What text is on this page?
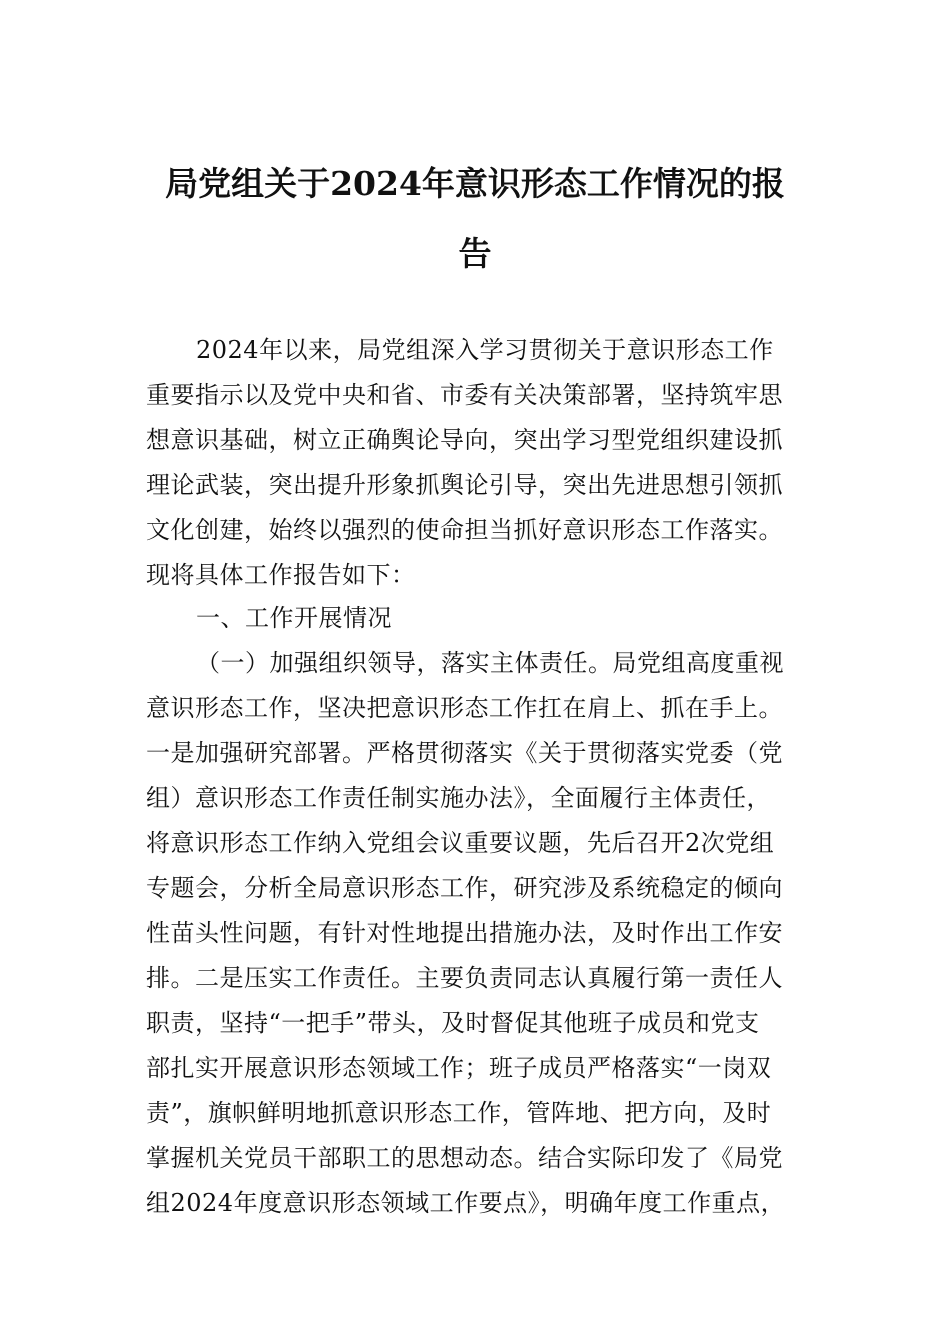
局党组关于2024年意识形态工作情况的报
告
2024年以来，局党组深入学习贯彻关于意识形态工作
重要指示以及党中央和省、市委有关决策部署，坚持筑牢思
想意识基础，树立正确舆论导向，突出学习型党组织建设抓
理论武装，突出提升形象抓舆论引导，突出先进思想引领抓
文化创建，始终以强烈的使命担当抓好意识形态工作落实。
现将具体工作报告如下：
一、工作开展情况
（一）加强组织领导，落实主体责任。局党组高度重视
意识形态工作，坚决把意识形态工作扛在肩上、抓在手上。
一是加强研究部署。严格贯彻落实《关于贯彻落实党委（党
组）意识形态工作责任制实施办法》，全面履行主体责任，
将意识形态工作纳入党组会议重要议题，先后召开2次党组
专题会，分析全局意识形态工作，研究涉及系统稳定的倾向
性苗头性问题，有针对性地提出措施办法，及时作出工作安
排。二是压实工作责任。主要负责同志认真履行第一责任人
职责，坚持“一把手”带头，及时督促其他班子成员和党支
部扎实开展意识形态领域工作；班子成员严格落实“一岗双
责”，旗帜鲜明地抓意识形态工作，管阵地、把方向，及时
掌握机关党员干部职工的思想动态。结合实际印发了《局党
组2024年度意识形态领域工作要点》，明确年度工作重点，
